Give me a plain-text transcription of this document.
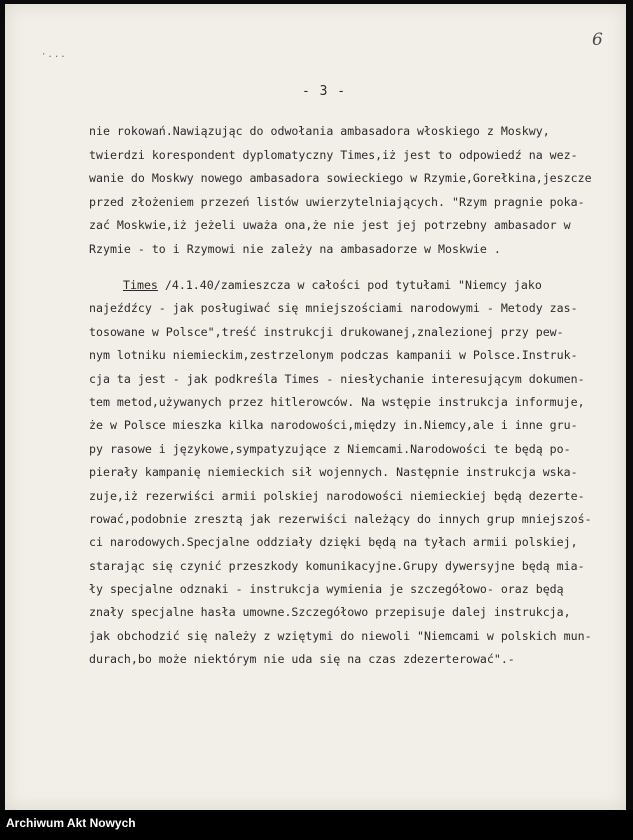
·...
6
- 3 -
nie rokowań.Nawiązując do odwołania ambasadora włoskiego z Moskwy,
twierdzi korespondent dyplomatyczny Times,iż jest to odpowiedź na wez-
wanie do Moskwy nowego ambasadora sowieckiego w Rzymie,Gorełkina,jeszcze
przed złożeniem przezeń listów uwierzytelniających. "Rzym pragnie poka-
zać Moskwie,iż jeżeli uważa ona,że nie jest jej potrzebny ambasador w
Rzymie - to i Rzymowi nie zależy na ambasadorze w Moskwie .
Times /4.1.40/zamieszcza w całości pod tytułami "Niemcy jako
najeźdźcy - jak posługiwać się mniejszościami narodowymi - Metody zas-
tosowane w Polsce",treść instrukcji drukowanej,znalezionej przy pew-
nym lotniku niemieckim,zestrzelonym podczas kampanii w Polsce.Instruk-
cja ta jest - jak podkreśla Times - niesłychanie interesującym dokumen-
tem metod,używanych przez hitlerowców. Na wstępie instrukcja informuje,
że w Polsce mieszka kilka narodowości,między in.Niemcy,ale i inne gru-
py rasowe i językowe,sympatyzujące z Niemcami.Narodowości te będą po-
pierały kampanię niemieckich sił wojennych. Następnie instrukcja wska-
zuje,iż rezerwiści armii polskiej narodowości niemieckiej będą dezerte-
rować,podobnie zresztą jak rezerwiści należący do innych grup mniejszoś-
ci narodowych.Specjalne oddziały dzięki będą na tyłach armii polskiej,
starając się czynić przeszkody komunikacyjne.Grupy dywersyjne będą mia-
ły specjalne odznaki - instrukcja wymienia je szczegółowo- oraz będą
znały specjalne hasła umowne.Szczegółowo przepisuje dalej instrukcja,
jak obchodzić się należy z wziętymi do niewoli "Niemcami w polskich mun-
durach,bo może niektórym nie uda się na czas zdezerterować".-
Archiwum Akt Nowych
